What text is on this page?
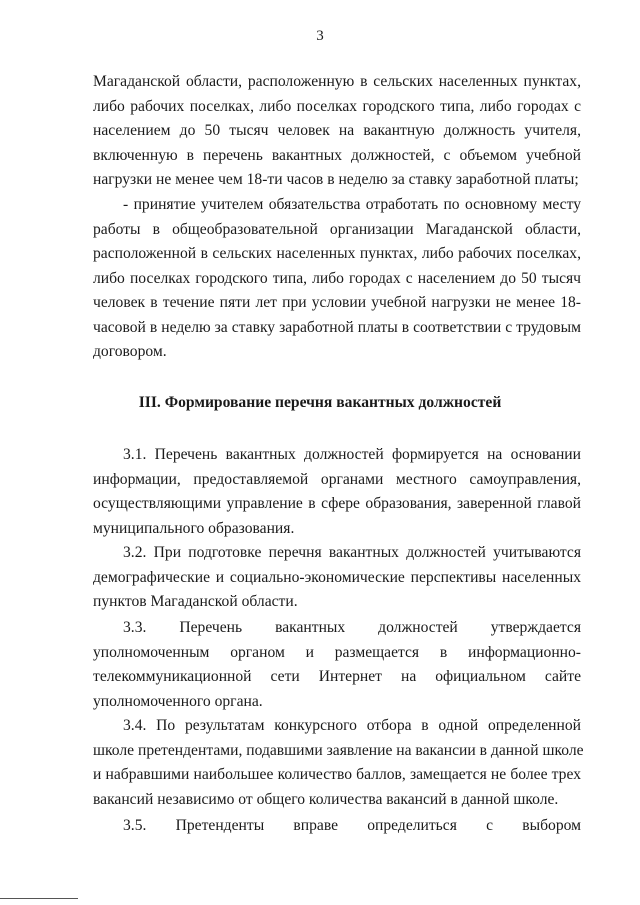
3
Магаданской области, расположенную в сельских населенных пунктах,
либо рабочих поселках, либо поселках городского типа, либо городах с
населением до 50 тысяч человек на вакантную должность учителя,
включенную в перечень вакантных должностей, с объемом учебной
нагрузки не менее чем 18-ти часов в неделю за ставку заработной платы;
- принятие учителем обязательства отработать по основному месту
работы в общеобразовательной организации Магаданской области,
расположенной в сельских населенных пунктах, либо рабочих поселках,
либо поселках городского типа, либо городах с населением до 50 тысяч
человек в течение пяти лет при условии учебной нагрузки не менее 18-
часовой в неделю за ставку заработной платы в соответствии с трудовым
договором.
III. Формирование перечня вакантных должностей
3.1. Перечень вакантных должностей формируется на основании
информации, предоставляемой органами местного самоуправления,
осуществляющими управление в сфере образования, заверенной главой
муниципального образования.
3.2. При подготовке перечня вакантных должностей учитываются
демографические и социально-экономические перспективы населенных
пунктов Магаданской области.
3.3. Перечень вакантных должностей утверждается
уполномоченным органом и размещается в информационно-
телекоммуникационной сети Интернет на официальном сайте
уполномоченного органа.
3.4. По результатам конкурсного отбора в одной определенной
школе претендентами, подавшими заявление на вакансии в данной школе
и набравшими наибольшее количество баллов, замещается не более трех
вакансий независимо от общего количества вакансий в данной школе.
3.5. Претенденты вправе определиться с выбором
